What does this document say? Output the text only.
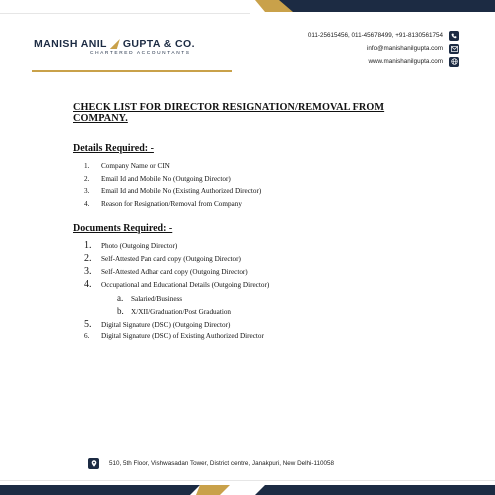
MANISH ANIL GUPTA & CO.
CHARTERED ACCOUNTANTS
011-25615456, 011-45678499, +91-8130561754
info@manishanilgupta.com
www.manishanilgupta.com
CHECK LIST FOR DIRECTOR RESIGNATION/REMOVAL FROM COMPANY.
Details Required: -
1.	Company Name or CIN
2.	Email Id and Mobile No (Outgoing Director)
3.	Email Id and Mobile No (Existing Authorized Director)
4.	Reason for Resignation/Removal from Company
Documents Required: -
1.	Photo (Outgoing Director)
2.	Self-Attested Pan card copy (Outgoing Director)
3.	Self-Attested Adhar card copy (Outgoing Director)
4.	Occupational and Educational Details (Outgoing Director)
a.	Salaried/Business
b.	X/XII/Graduation/Post Graduation
5.	Digital Signature (DSC) (Outgoing Director)
6.	Digital Signature (DSC) of Existing Authorized Director
510, 5th Floor, Vishwasadan Tower, District centre, Janakpuri, New Delhi-110058
